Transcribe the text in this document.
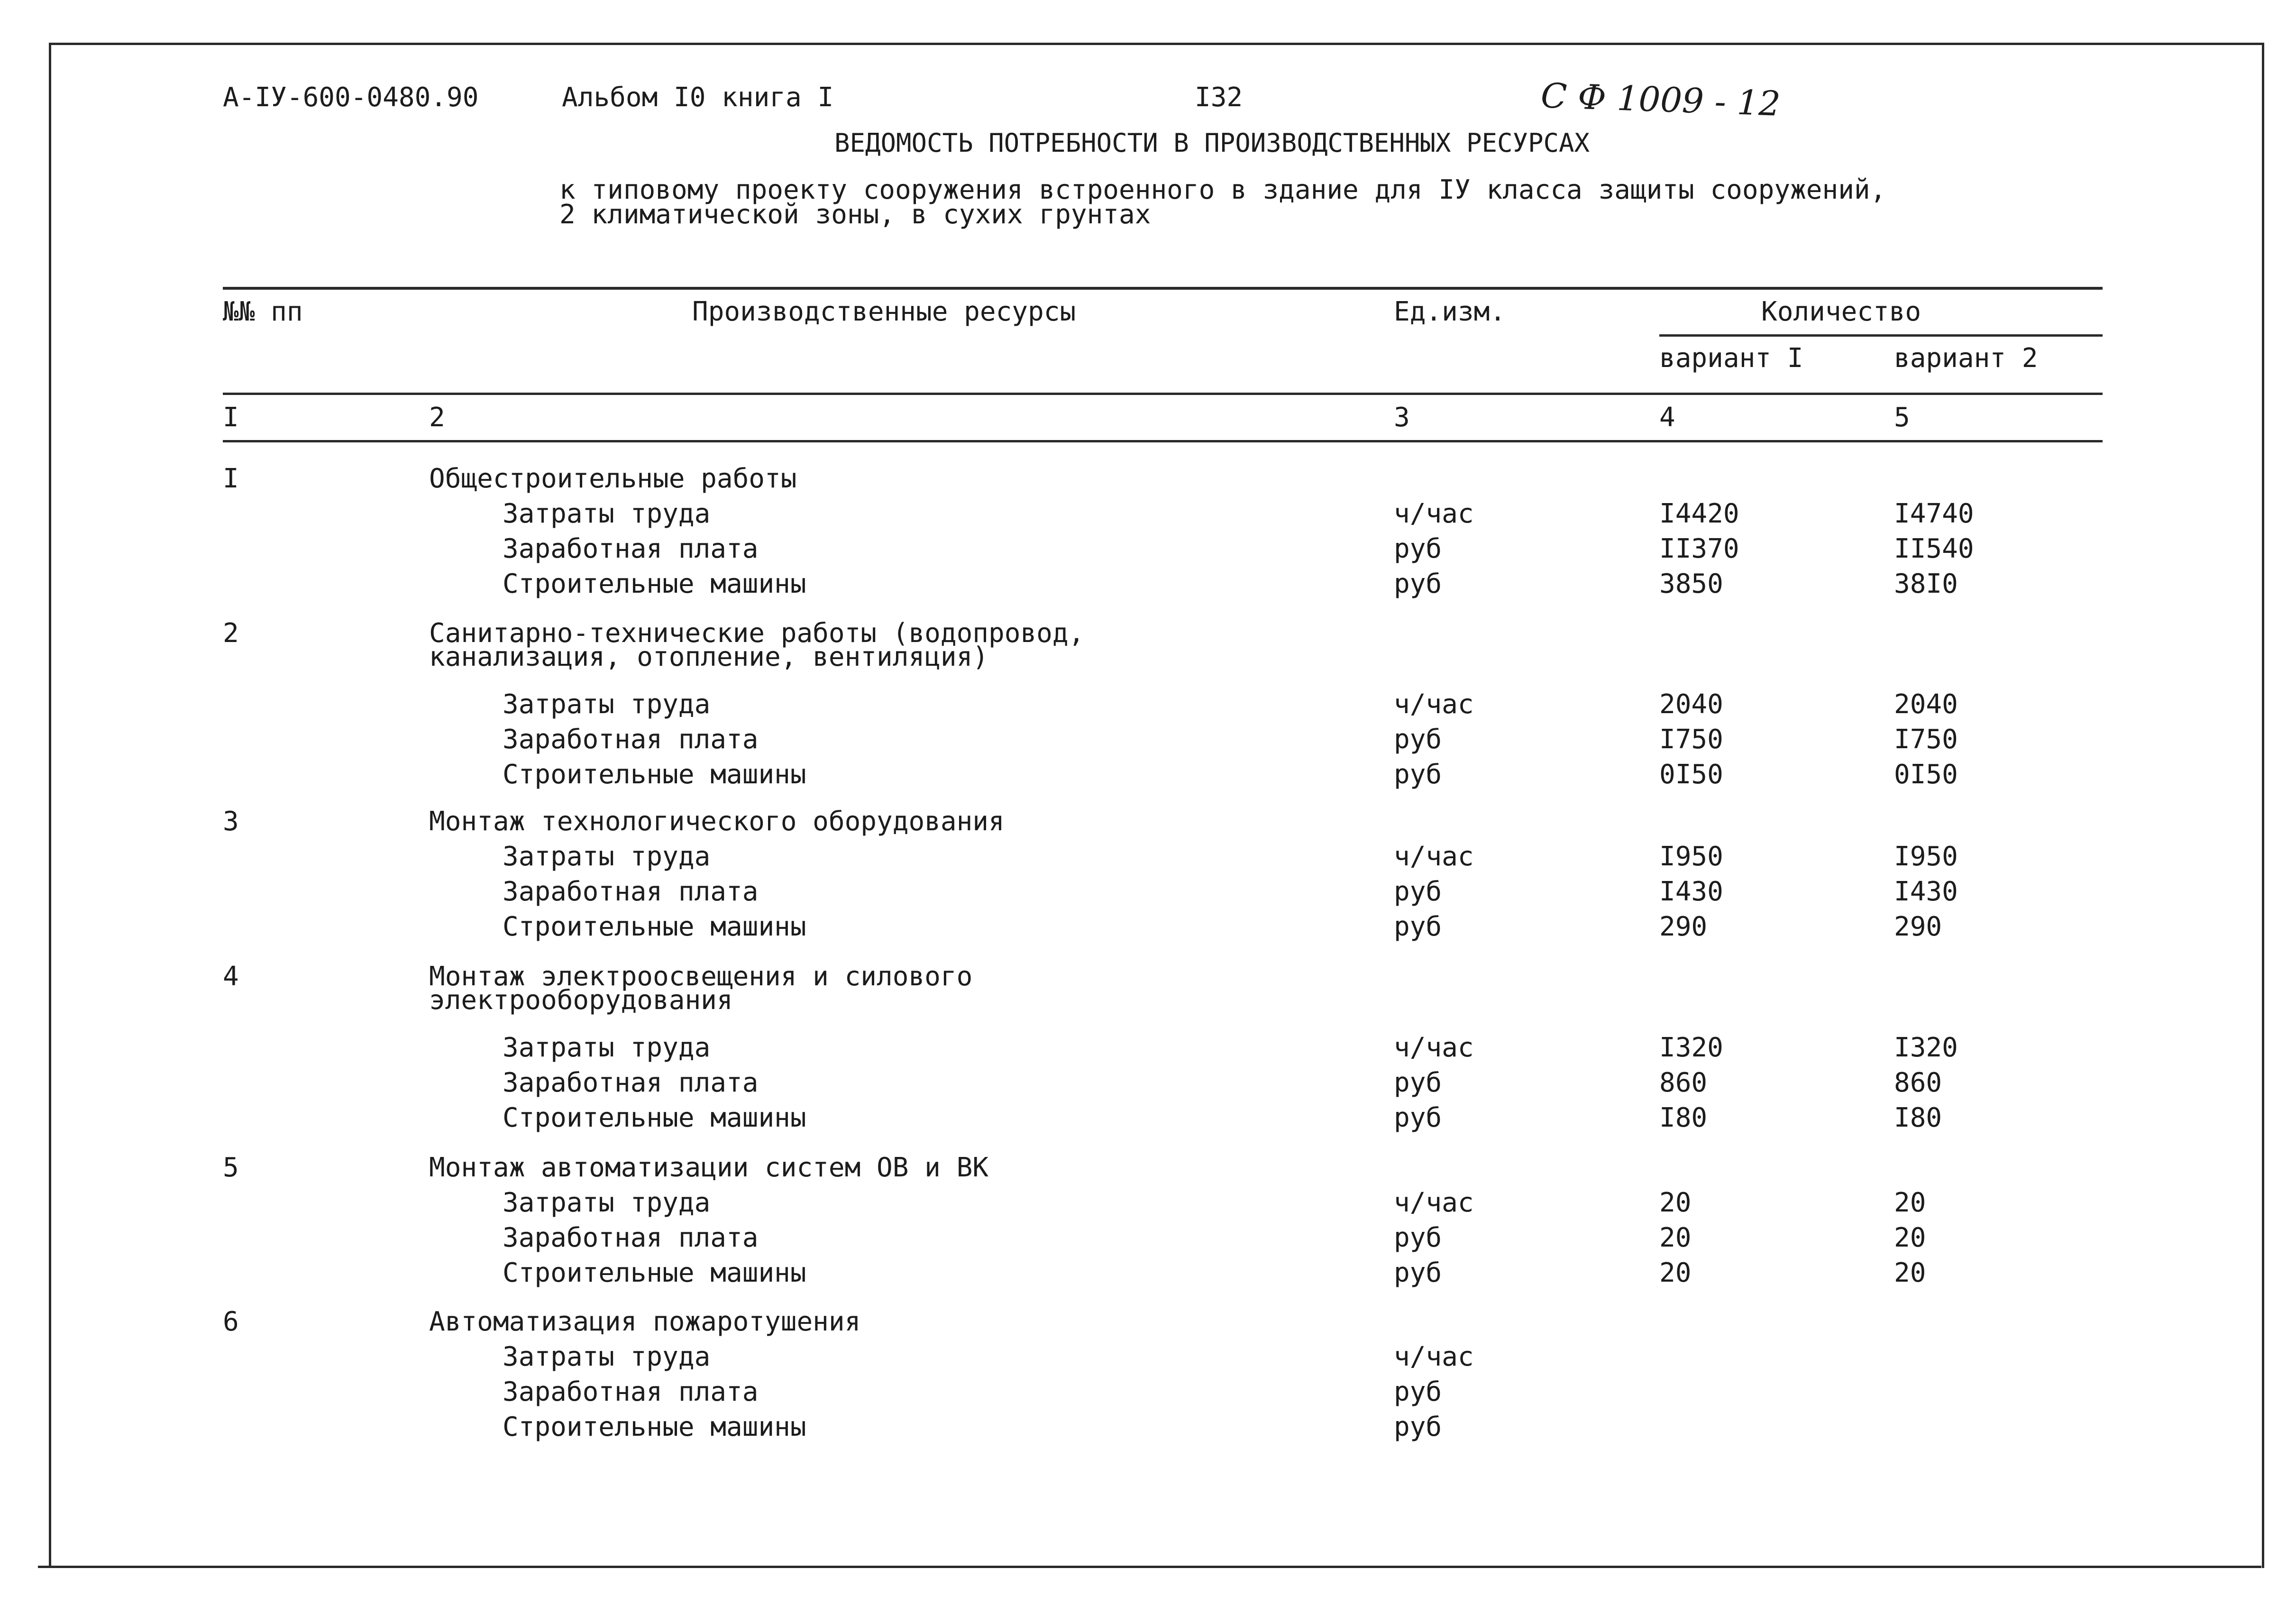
А-IУ-600-0480.90	Альбом I0 книга I	I32	С Ф 1009 - 12
ВЕДОМОСТЬ ПОТРЕБНОСТИ В ПРОИЗВОДСТВЕННЫХ РЕСУРСАХ
к типовому проекту сооружения встроенного в здание для IУ класса защиты сооружений,
2 климатической зоны, в сухих грунтах
№№ пп	Производственные ресурсы	Ед.изм.	Количество
вариант I	вариант 2
I	2	3	4	5
I	Общестроительные работы
Затраты труда	ч/час	I4420	I4740
Заработная плата	руб	II370	II540
Строительные машины	руб	3850	38I0
2	Санитарно-технические работы (водопровод,
канализация, отопление, вентиляция)
Затраты труда	ч/час	2040	2040
Заработная плата	руб	I750	I750
Строительные машины	руб	0I50	0I50
3	Монтаж технологического оборудования
Затраты труда	ч/час	I950	I950
Заработная плата	руб	I430	I430
Строительные машины	руб	290	290
4	Монтаж электроосвещения и силового
электрооборудования
Затраты труда	ч/час	I320	I320
Заработная плата	руб	860	860
Строительные машины	руб	I80	I80
5	Монтаж автоматизации систем ОВ и ВК
Затраты труда	ч/час	20	20
Заработная плата	руб	20	20
Строительные машины	руб	20	20
6	Автоматизация пожаротушения
Затраты труда	ч/час
Заработная плата	руб
Строительные машины	руб
